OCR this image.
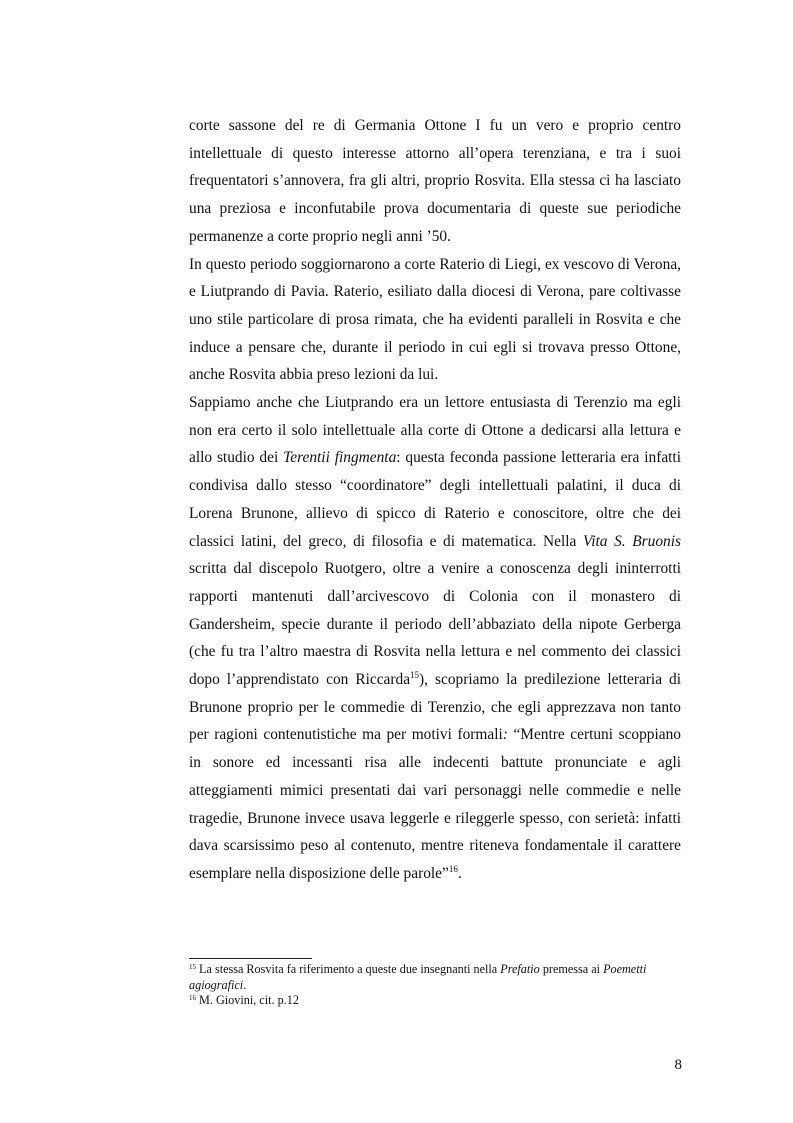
corte sassone del re di Germania Ottone I fu un vero e proprio centro intellettuale di questo interesse attorno all’opera terenziana, e tra i suoi frequentatori s’annovera, fra gli altri, proprio Rosvita. Ella stessa ci ha lasciato una preziosa e inconfutabile prova documentaria di queste sue periodiche permanenze a corte proprio negli anni ’50.

In questo periodo soggiornarono a corte Raterio di Liegi, ex vescovo di Verona, e Liutprando di Pavia. Raterio, esiliato dalla diocesi di Verona, pare coltivasse uno stile particolare di prosa rimata, che ha evidenti paralleli in Rosvita e che induce a pensare che, durante il periodo in cui egli si trovava presso Ottone, anche Rosvita abbia preso lezioni da lui.

Sappiamo anche che Liutprando era un lettore entusiasta di Terenzio ma egli non era certo il solo intellettuale alla corte di Ottone a dedicarsi alla lettura e allo studio dei Terentii fingmenta: questa feconda passione letteraria era infatti condivisa dallo stesso “coordinatore” degli intellettuali palatini, il duca di Lorena Brunone, allievo di spicco di Raterio e conoscitore, oltre che dei classici latini, del greco, di filosofia e di matematica. Nella Vita S. Bruonis scritta dal discepolo Ruotgero, oltre a venire a conoscenza degli ininterrotti rapporti mantenuti dall’arcivescovo di Colonia con il monastero di Gandersheim, specie durante il periodo dell’abbaziato della nipote Gerberga (che fu tra l’altro maestra di Rosvita nella lettura e nel commento dei classici dopo l’apprendistato con Riccarda$^{15}$), scopriamo la predilezione letteraria di Brunone proprio per le commedie di Terenzio, che egli apprezzava non tanto per ragioni contenutistiche ma per motivi formali: “Mentre certuni scoppiano in sonore ed incessanti risa alle indecenti battute pronunciate e agli atteggiamenti mimici presentati dai vari personaggi nelle commedie e nelle tragedie, Brunone invece usava leggerle e rileggerle spesso, con serietà: infatti dava scarsissimo peso al contenuto, mentre riteneva fondamentale il carattere esemplare nella disposizione delle parole”$^{16}$.

$^{15}$ La stessa Rosvita fa riferimento a queste due insegnanti nella Prefatio premessa ai Poemetti agiografici.

$^{16}$ M. Giovini, cit. p.12

8
